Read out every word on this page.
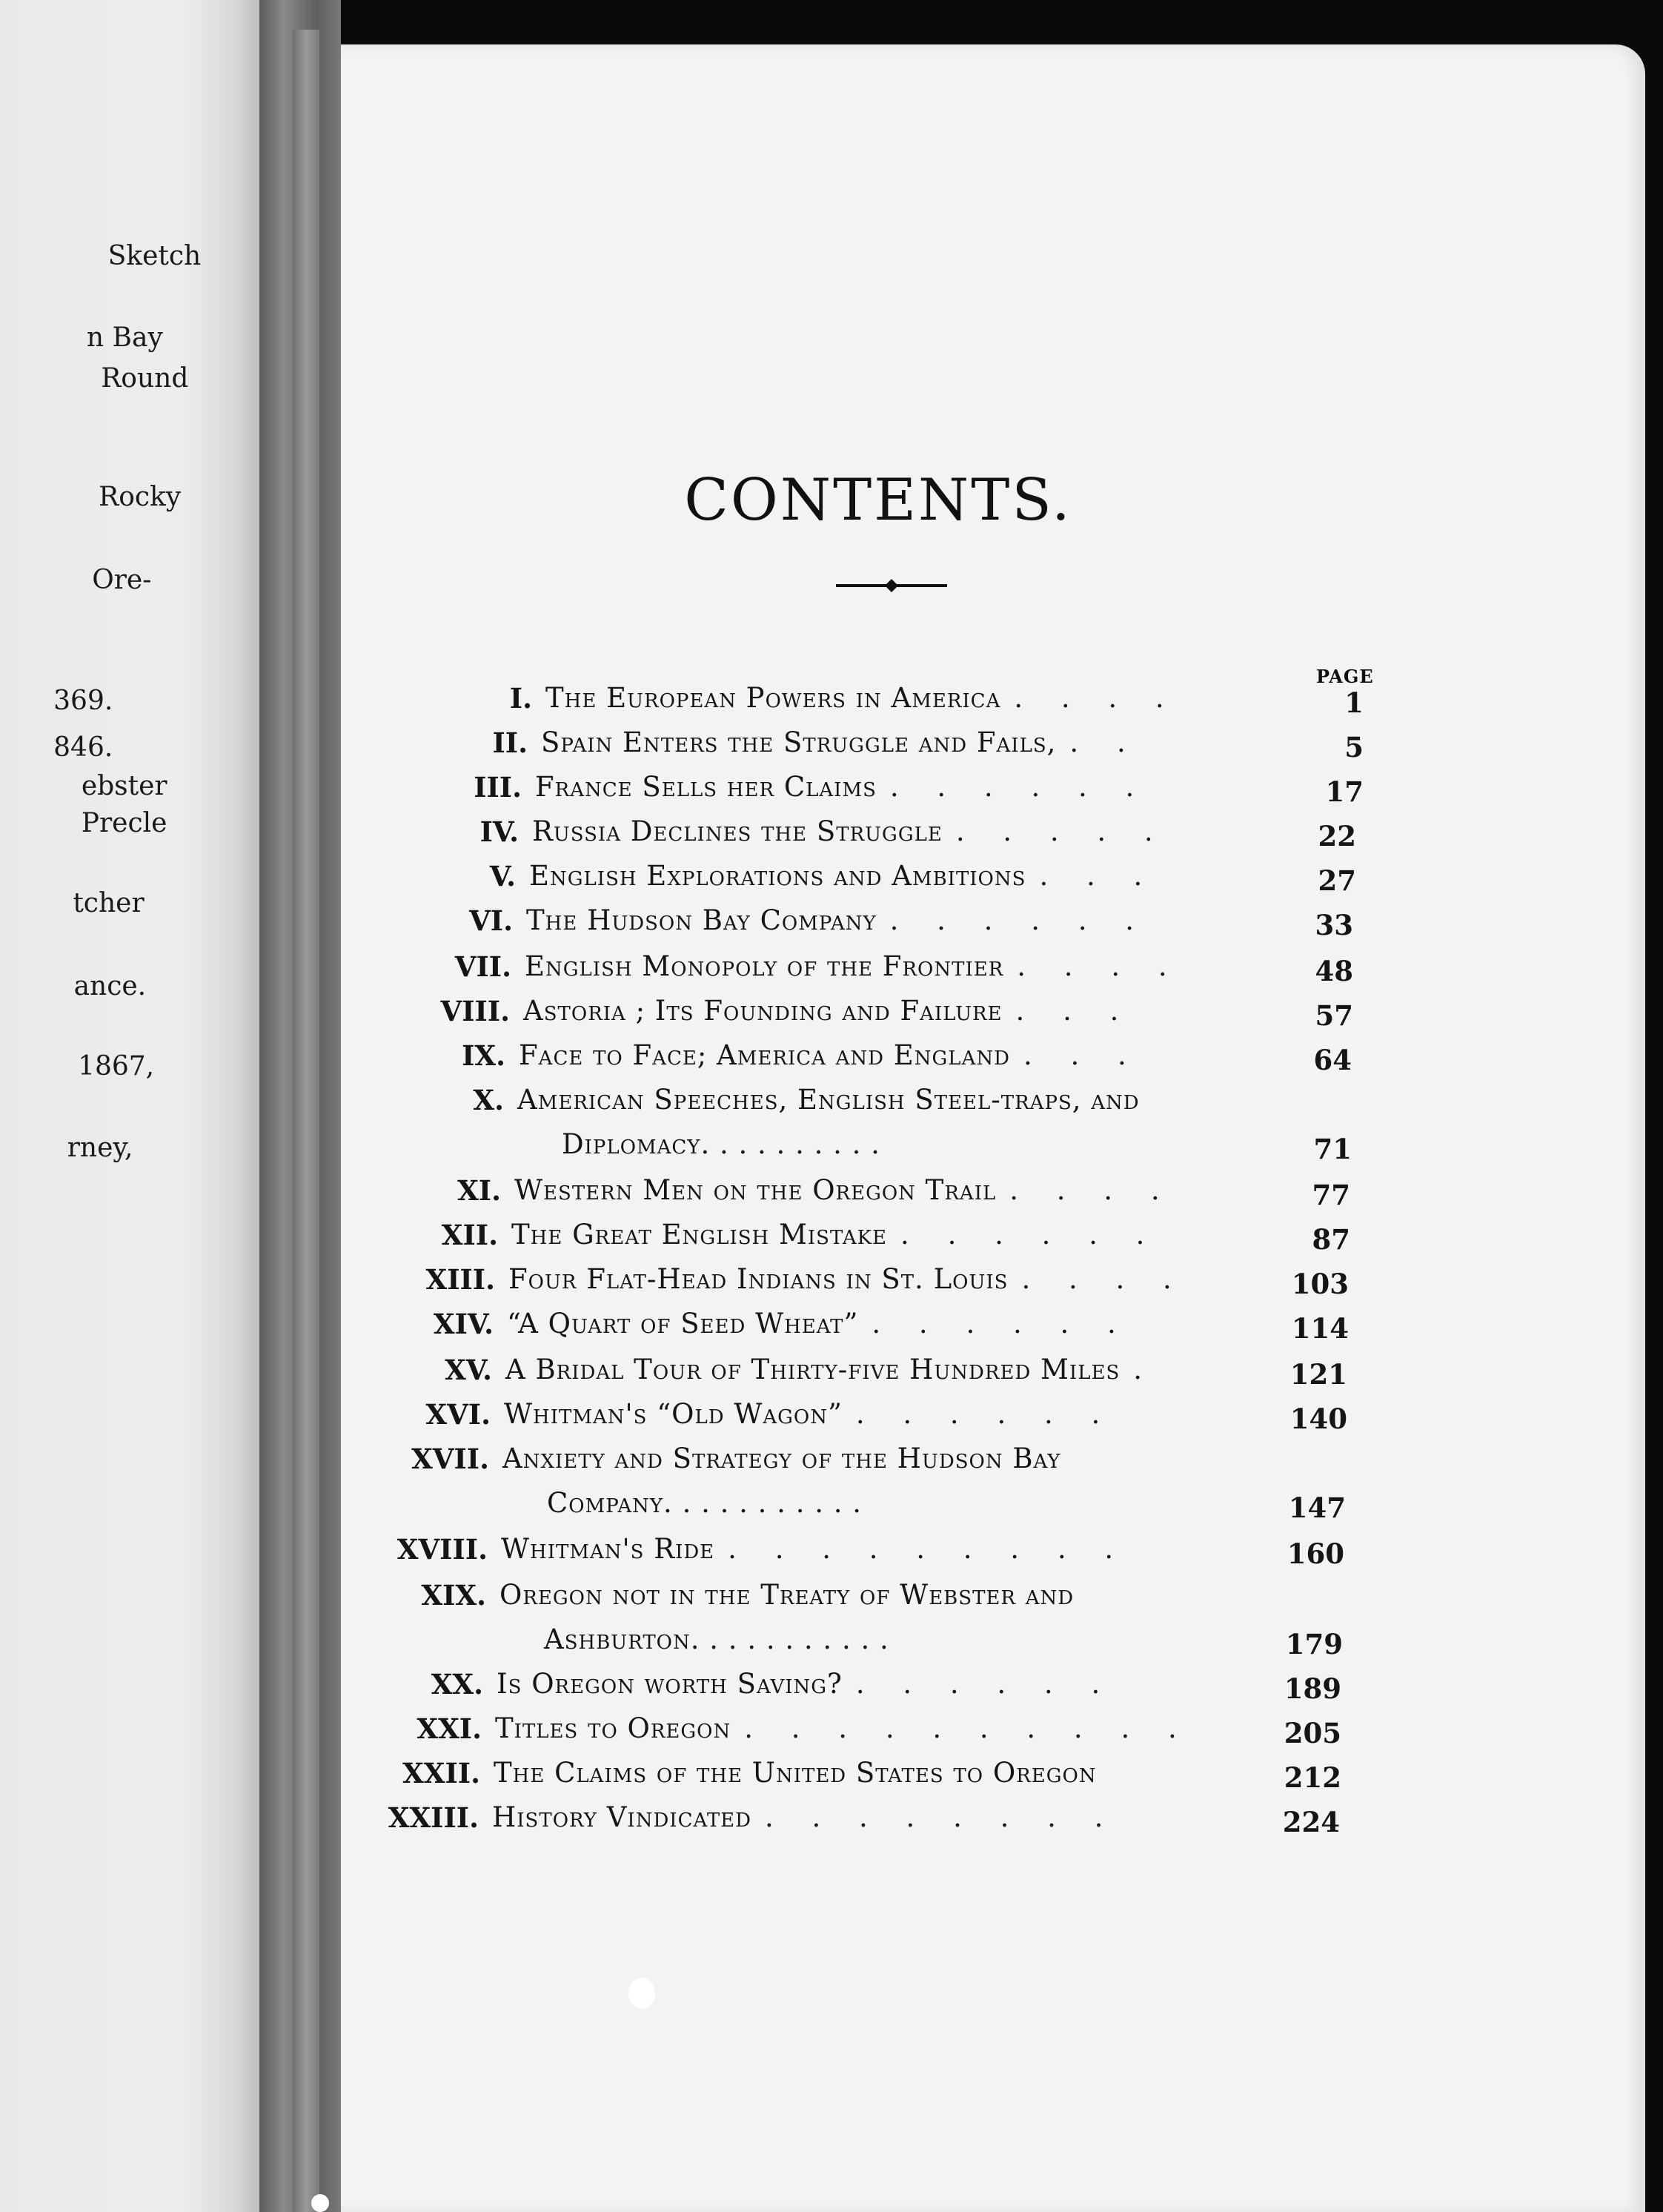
Sketch

n Bay

Round

Rocky

Ore-

369.

846.

ebster

Precle

tcher

ance.

1867,

rney,

CONTENTS.
PAGE
I. The European Powers in America . . . .	1
II. Spain Enters the Struggle and Fails, . .	5
III. France Sells her Claims . . . . . .	17
IV. Russia Declines the Struggle . . . . .	22
V. English Explorations and Ambitions . . .	27
VI. The Hudson Bay Company . . . . . .	33
VII. English Monopoly of the Frontier . . . .	48
VIII. Astoria ; Its Founding and Failure . . .	57
IX. Face to Face; America and England . . .	64
X. American Speeches, English Steel-traps, and
Diplomacy. . . . . . . . . .	71
XI. Western Men on the Oregon Trail . . . .	77
XII. The Great English Mistake . . . . . .	87
XIII. Four Flat-Head Indians in St. Louis . . . .	103
XIV. “A Quart of Seed Wheat” . . . . . .	114
XV. A Bridal Tour of Thirty-five Hundred Miles .	121
XVI. Whitman's “Old Wagon” . . . . . .	140
XVII. Anxiety and Strategy of the Hudson Bay
Company. . . . . . . . . . .	147
XVIII. Whitman's Ride . . . . . . . . .	160
XIX. Oregon not in the Treaty of Webster and
Ashburton. . . . . . . . . . .	179
XX. Is Oregon worth Saving? . . . . . .	189
XXI. Titles to Oregon . . . . . . . . . .	205
XXII. The Claims of the United States to Oregon	212
XXIII. History Vindicated . . . . . . . .	224
